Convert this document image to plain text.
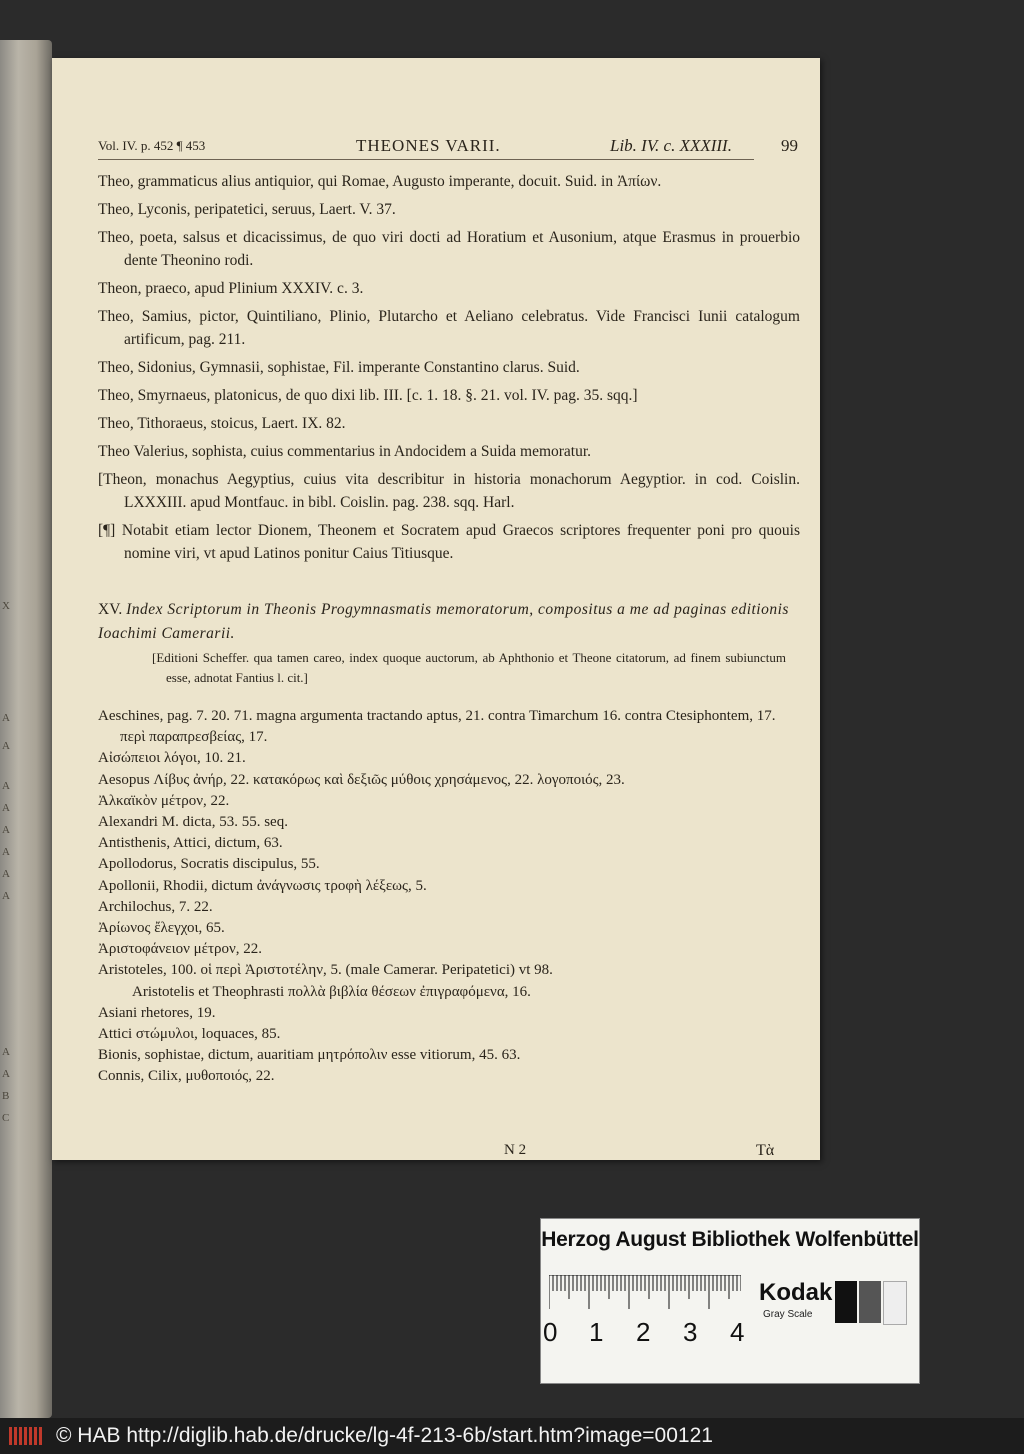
X
A
A
A
A
A
A
A
A
A
A
B
C
Vol. IV. p. 452 ¶ 453	THEONES VARII.	Lib. IV. c. XXXIII.	99

Theo, grammaticus alius antiquior, qui Romae, Augusto imperante, docuit. Suid. in Ἀπίων.

Theo, Lyconis, peripatetici, seruus, Laert. V. 37.

Theo, poeta, salsus et dicacissimus, de quo viri docti ad Horatium et Ausonium, atque Erasmus in prouerbio dente Theonino rodi.

Theon, praeco, apud Plinium XXXIV. c. 3.

Theo, Samius, pictor, Quintiliano, Plinio, Plutarcho et Aeliano celebratus. Vide Francisci Iunii catalogum artificum, pag. 211.

Theo, Sidonius, Gymnasii, sophistae, Fil. imperante Constantino clarus. Suid.

Theo, Smyrnaeus, platonicus, de quo dixi lib. III. [c. 1. 18. §. 21. vol. IV. pag. 35. sqq.]

Theo, Tithoraeus, stoicus, Laert. IX. 82.

Theo Valerius, sophista, cuius commentarius in Andocidem a Suida memoratur.

[Theon, monachus Aegyptius, cuius vita describitur in historia monachorum Aegyptior. in cod. Coislin. LXXXIII. apud Montfauc. in bibl. Coislin. pag. 238. sqq. Harl.

[¶] Notabit etiam lector Dionem, Theonem et Socratem apud Graecos scriptores frequenter poni pro quouis nomine viri, vt apud Latinos ponitur Caius Titiusque.

XV. Index Scriptorum in Theonis Progymnasmatis memoratorum, compositus a me ad paginas editionis Ioachimi Camerarii.
[Editioni Scheffer. qua tamen careo, index quoque auctorum, ab Aphthonio et Theone citatorum, ad finem subiunctum esse, adnotat Fantius l. cit.]
Aeschines, pag. 7. 20. 71. magna argumenta tractando aptus, 21. contra Timarchum 16. contra Ctesiphontem, 17. περὶ παραπρεσβείας, 17.
Αἰσώπειοι λόγοι, 10. 21.
Aesopus Λίβυς ἀνήρ, 22. κατακόρως καὶ δεξιῶς μύθοις χρησάμενος, 22. λογοποιός, 23.
Ἀλκαϊκὸν μέτρον, 22.
Alexandri M. dicta, 53. 55. seq.
Antisthenis, Attici, dictum, 63.
Apollodorus, Socratis discipulus, 55.
Apollonii, Rhodii, dictum ἀνάγνωσις τροφὴ λέξεως, 5.
Archilochus, 7. 22.
Ἀρίωνος ἔλεγχοι, 65.
Ἀριστοφάνειον μέτρον, 22.
Aristoteles, 100. οἱ περὶ Ἀριστοτέλην, 5. (male Camerar. Peripatetici) vt 98.
Aristotelis et Theophrasti πολλὰ βιβλία θέσεων ἐπιγραφόμενα, 16.
Asiani rhetores, 19.
Attici στώμυλοι, loquaces, 85.
Bionis, sophistae, dictum, auaritiam μητρόπολιν esse vitiorum, 45. 63.
Connis, Cilix, μυθοποιός, 22.
N 2	Τὰ
Herzog August Bibliothek Wolfenbüttel
0 1 2 3 4
Kodak
Gray Scale
© HAB http://diglib.hab.de/drucke/lg-4f-213-6b/start.htm?image=00121
